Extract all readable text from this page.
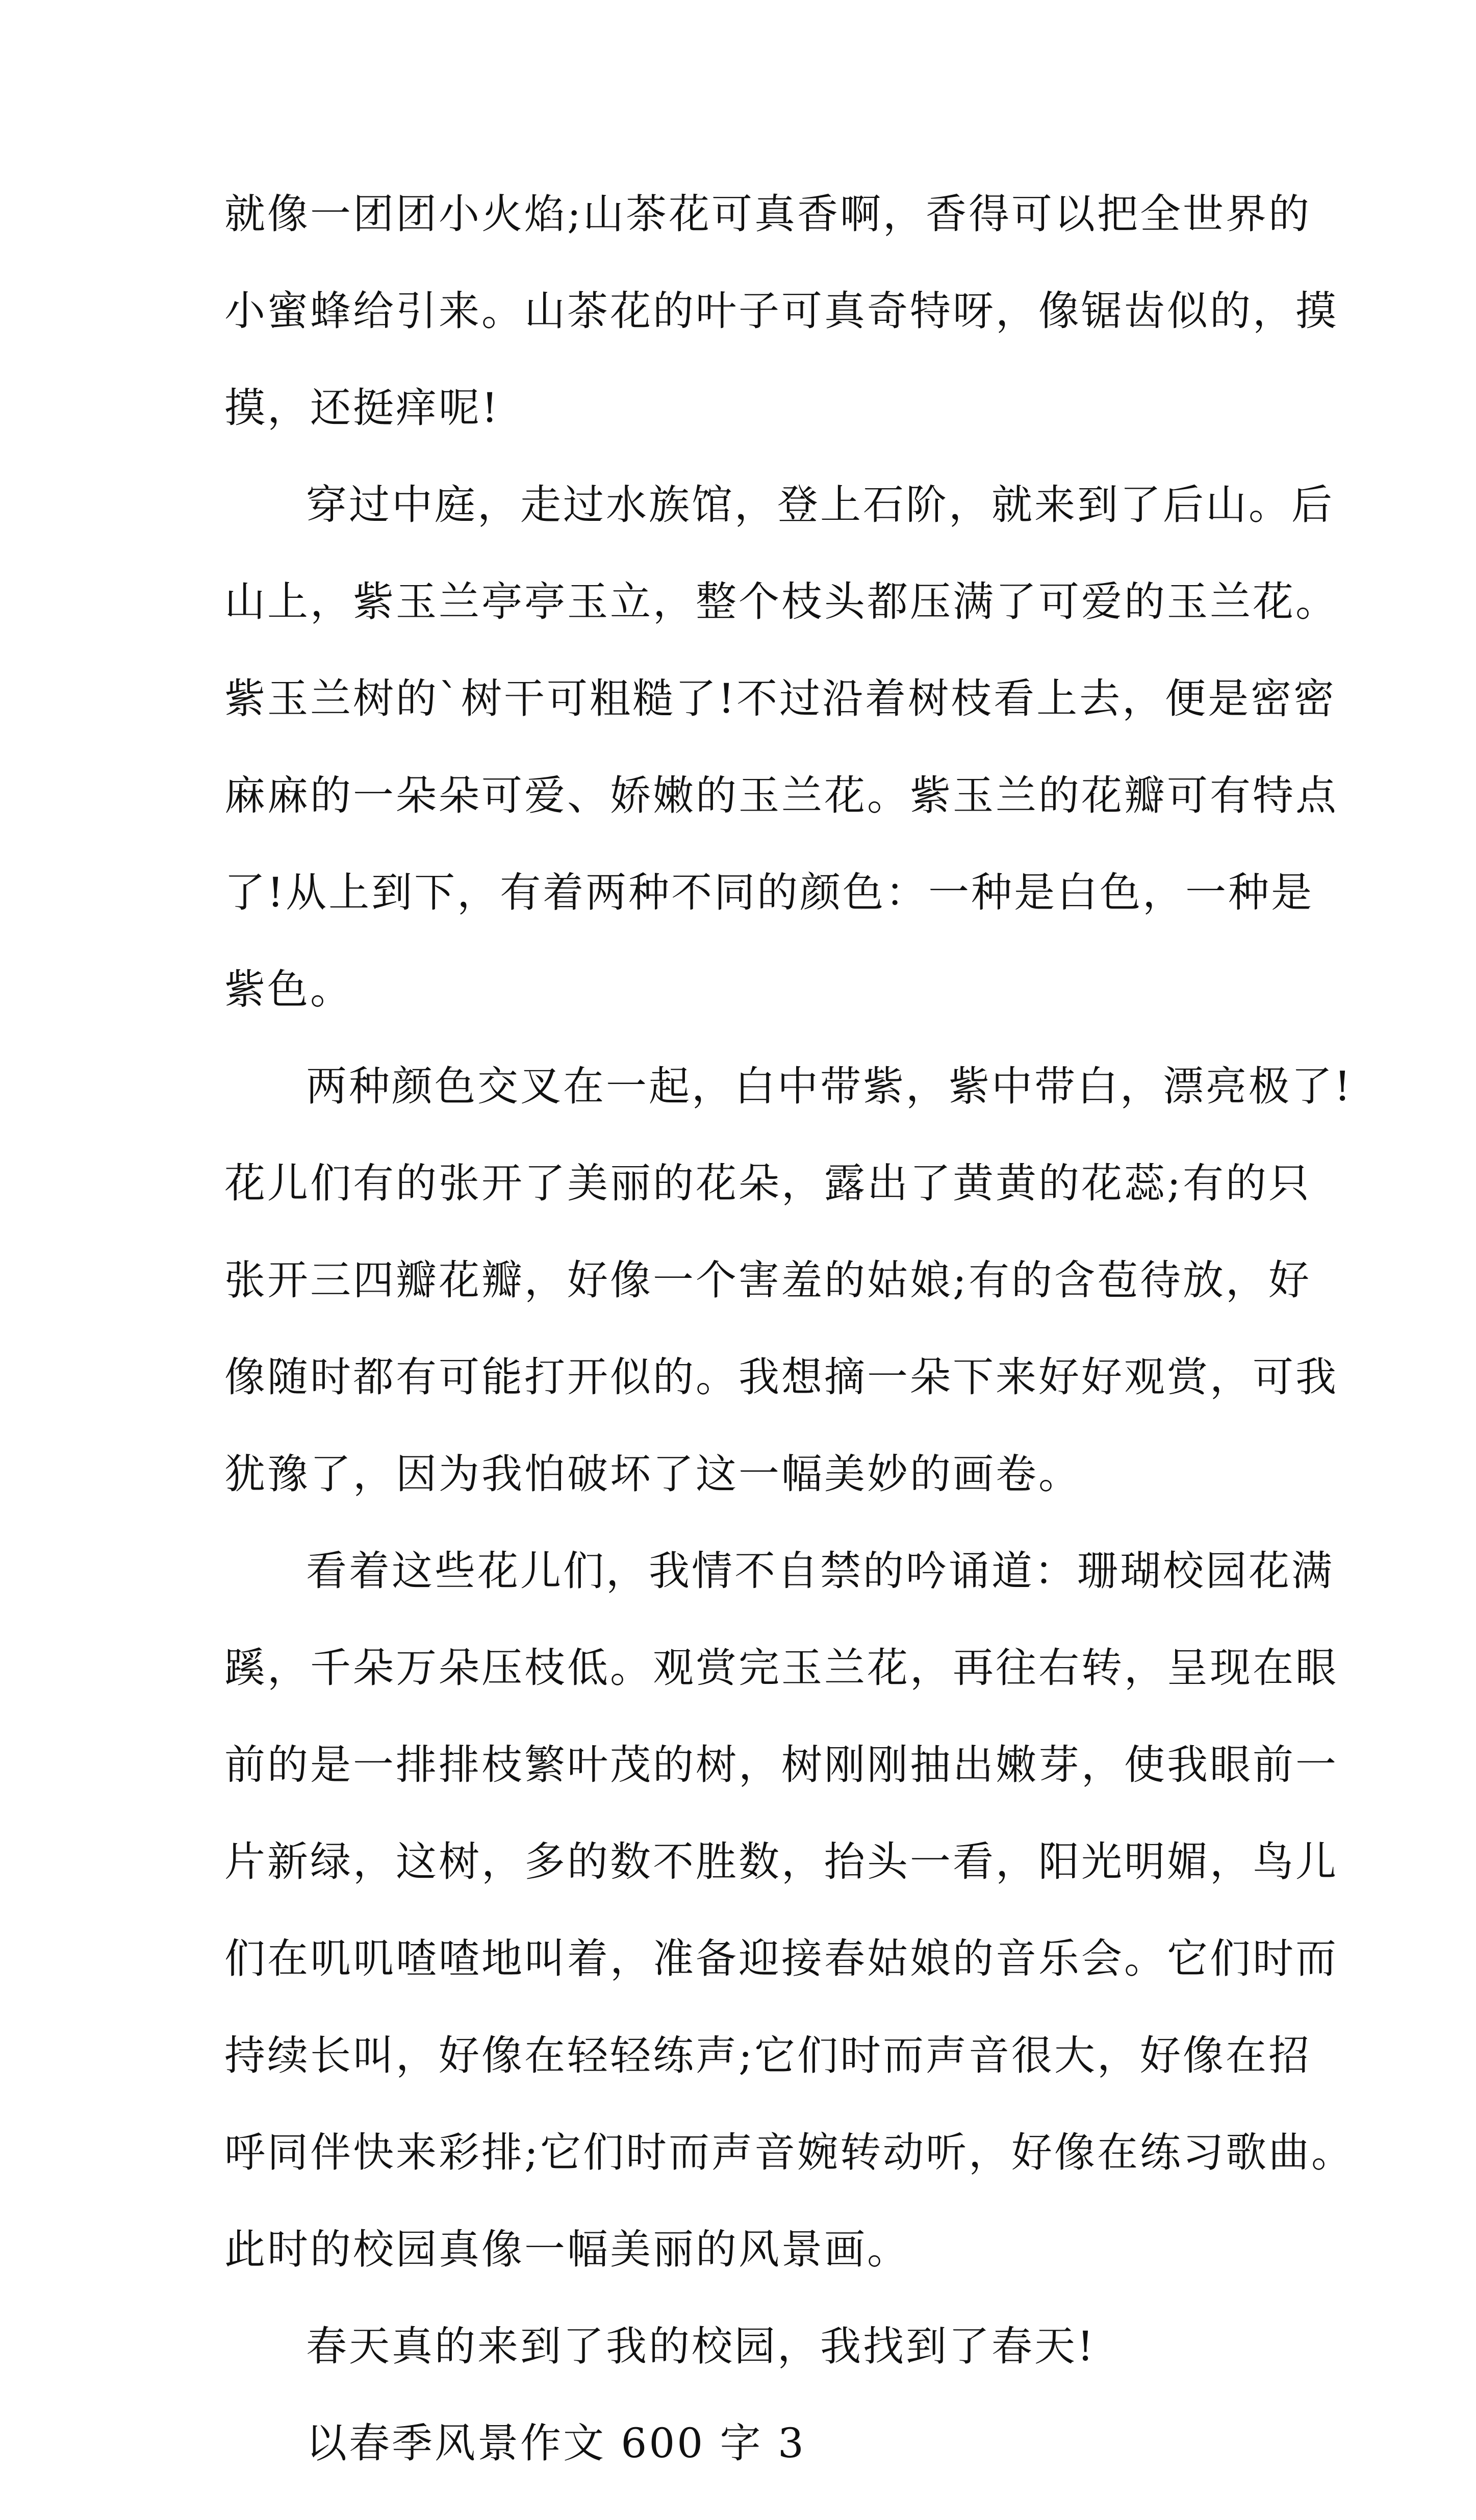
就像一团团小火焰;山茶花可真香啊，香得可以把全世界的
小蜜蜂给引来。山茶花的叶子可真奇特呀，像锯齿似的，摸
摸，还挺痒呢!
穿过中庭，走过水族馆，登上石阶，就来到了后山。后
山上，紫玉兰亭亭玉立，整个枝头都压满了可爱的玉兰花。
紫玉兰树的`树干可粗糙了!不过沿着树枝看上去，便是密密
麻麻的一朵朵可爱、娇嫩的玉兰花。紫玉兰的花瓣可有特点
了!从上到下，有着两种不同的颜色：一种是白色，一种是
紫色。
两种颜色交叉在一起，白中带紫，紫中带白，漂亮极了!
花儿们有的张开了美丽的花朵，露出了黄黄的花蕊;有的只
张开三四瓣花瓣，好像一个害羞的姑娘;有的含苞待放，好
像随时都有可能打开似的。我想摘一朵下来好好观赏，可我
犹豫了，因为我怕破坏了这一幅美妙的画卷。
看着这些花儿们，我情不自禁的吟诵道：珊瑚校园花满
蹊，千朵万朵压枝低。观赏完玉兰花，再往右转，呈现在眼
前的是一排排枝繁叶茂的树，树刚刚抽出嫩芽，使我眼前一
片新绿，这树，多的数不胜数，抬头一看，阳光明媚，鸟儿
们在叽叽喳喳地叫着，准备迎接春姑娘的音乐会。它们时而
持续长叫，好像在轻轻练声;它们时而声音很大，好像在招
呼同伴快来彩排;它们时而声音婉转动听，好像在练习歌曲。
此时的校园真像一幅美丽的风景画。
春天真的来到了我的校园，我找到了春天!
以春季风景作文 600 字 3
